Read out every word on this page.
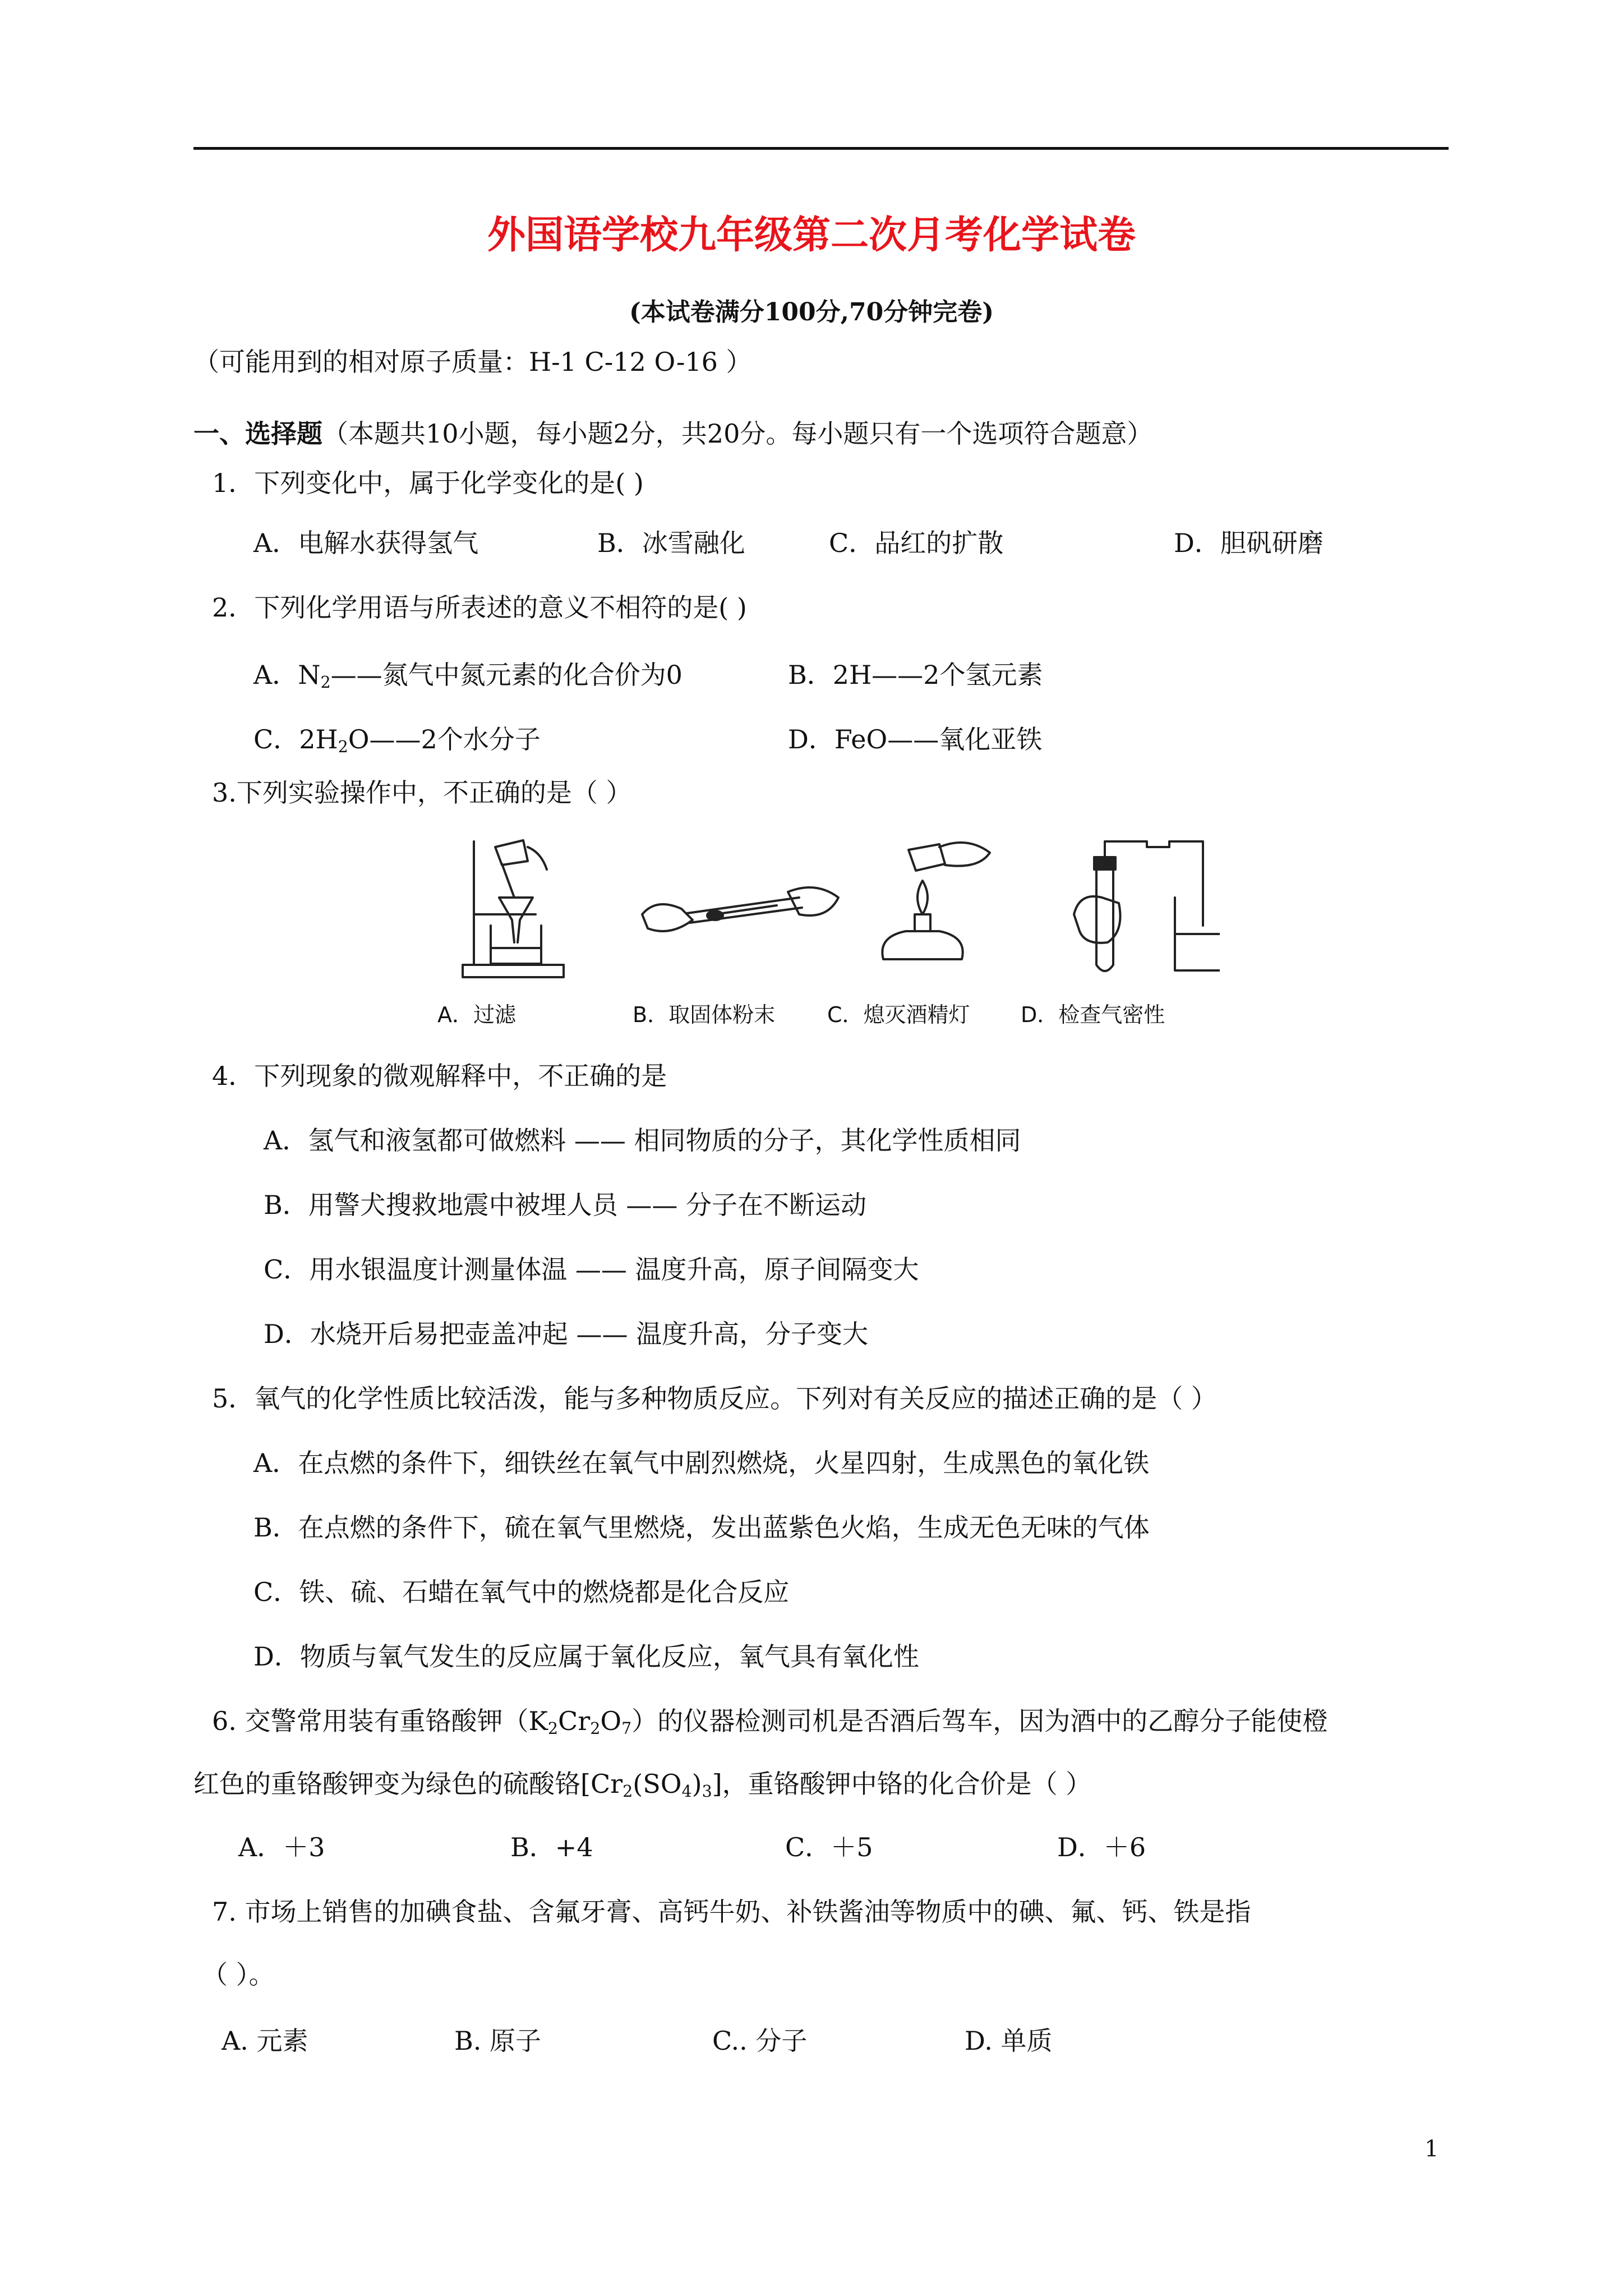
外国语学校九年级第二次月考化学试卷
(本试卷满分100分,70分钟完卷)
（可能用到的相对原子质量：H-1 C-12 O-16 ）
一、选择题（本题共10小题，每小题2分，共20分。每小题只有一个选项符合题意）
1．下列变化中，属于化学变化的是( )
A．电解水获得氢气	B．冰雪融化	C．品红的扩散	D．胆矾研磨
2．下列化学用语与所表述的意义不相符的是( )
A．$N_2——$氮气中氮元素的化合价为0	B．2H——2个氢元素
C．$2H_2O——2$个水分子	D．FeO——氧化亚铁
3.下列实验操作中，不正确的是（ ）
A．过滤	B．取固体粉末 C．熄灭酒精灯 D．检查气密性
4．下列现象的微观解释中，不正确的是
A．氢气和液氢都可做燃料 —— 相同物质的分子，其化学性质相同
B．用警犬搜救地震中被埋人员 —— 分子在不断运动
C．用水银温度计测量体温 —— 温度升高，原子间隔变大
D．水烧开后易把壶盖冲起 —— 温度升高，分子变大
5．氧气的化学性质比较活泼，能与多种物质反应。下列对有关反应的描述正确的是（ ）
A．在点燃的条件下，细铁丝在氧气中剧烈燃烧，火星四射，生成黑色的氧化铁
B．在点燃的条件下，硫在氧气里燃烧，发出蓝紫色火焰，生成无色无味的气体
C．铁、硫、石蜡在氧气中的燃烧都是化合反应
D．物质与氧气发生的反应属于氧化反应，氧气具有氧化性
6. 交警常用装有重铬酸钾$(K_2Cr_2O_7)$的仪器检测司机是否酒后驾车，因为酒中的乙醇分子能使橙
红色的重铬酸钾变为绿色的硫酸铬$[Cr_2(SO_4)_3]$，重铬酸钾中铬的化合价是（ ）
A．＋3	B．+4	C．＋5	D．＋6
7. 市场上销售的加碘食盐、含氟牙膏、高钙牛奶、补铁酱油等物质中的碘、氟、钙、铁是指
（ ）。
A. 元素	B. 原子	C.. 分子	D. 单质
1
